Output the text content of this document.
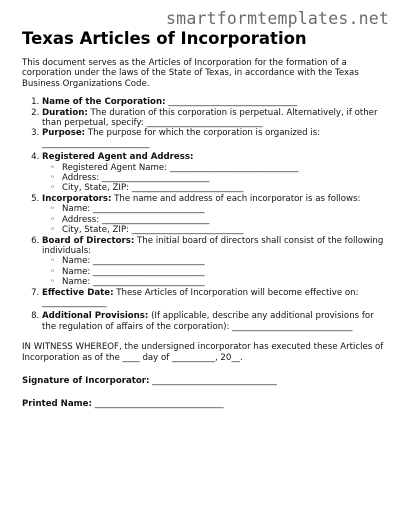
smartformtemplates.net
Texas Articles of Incorporation

This document serves as the Articles of Incorporation for the formation of a corporation under the laws of the State of Texas, in accordance with the Texas Business Organizations Code.

1. Name of the Corporation: ______________________________
2. Duration: The duration of this corporation is perpetual. Alternatively, if other than perpetual, specify: ___________________________
3. Purpose: The purpose for which the corporation is organized is:
_________________________
4. Registered Agent and Address:
◦ Registered Agent Name: ______________________________
◦ Address: _________________________
◦ City, State, ZIP: __________________________
5. Incorporators: The name and address of each incorporator is as follows:
◦ Name: __________________________
◦ Address: _________________________
◦ City, State, ZIP: __________________________
6. Board of Directors: The initial board of directors shall consist of the following individuals:
◦ Name: __________________________
◦ Name: __________________________
◦ Name: __________________________
7. Effective Date: These Articles of Incorporation will become effective on:
_______________
8. Additional Provisions: (If applicable, describe any additional provisions for the regulation of affairs of the corporation): ____________________________

IN WITNESS WHEREOF, the undersigned incorporator has executed these Articles of Incorporation as of the ____ day of __________, 20__.

Signature of Incorporator: _____________________________

Printed Name: ______________________________
